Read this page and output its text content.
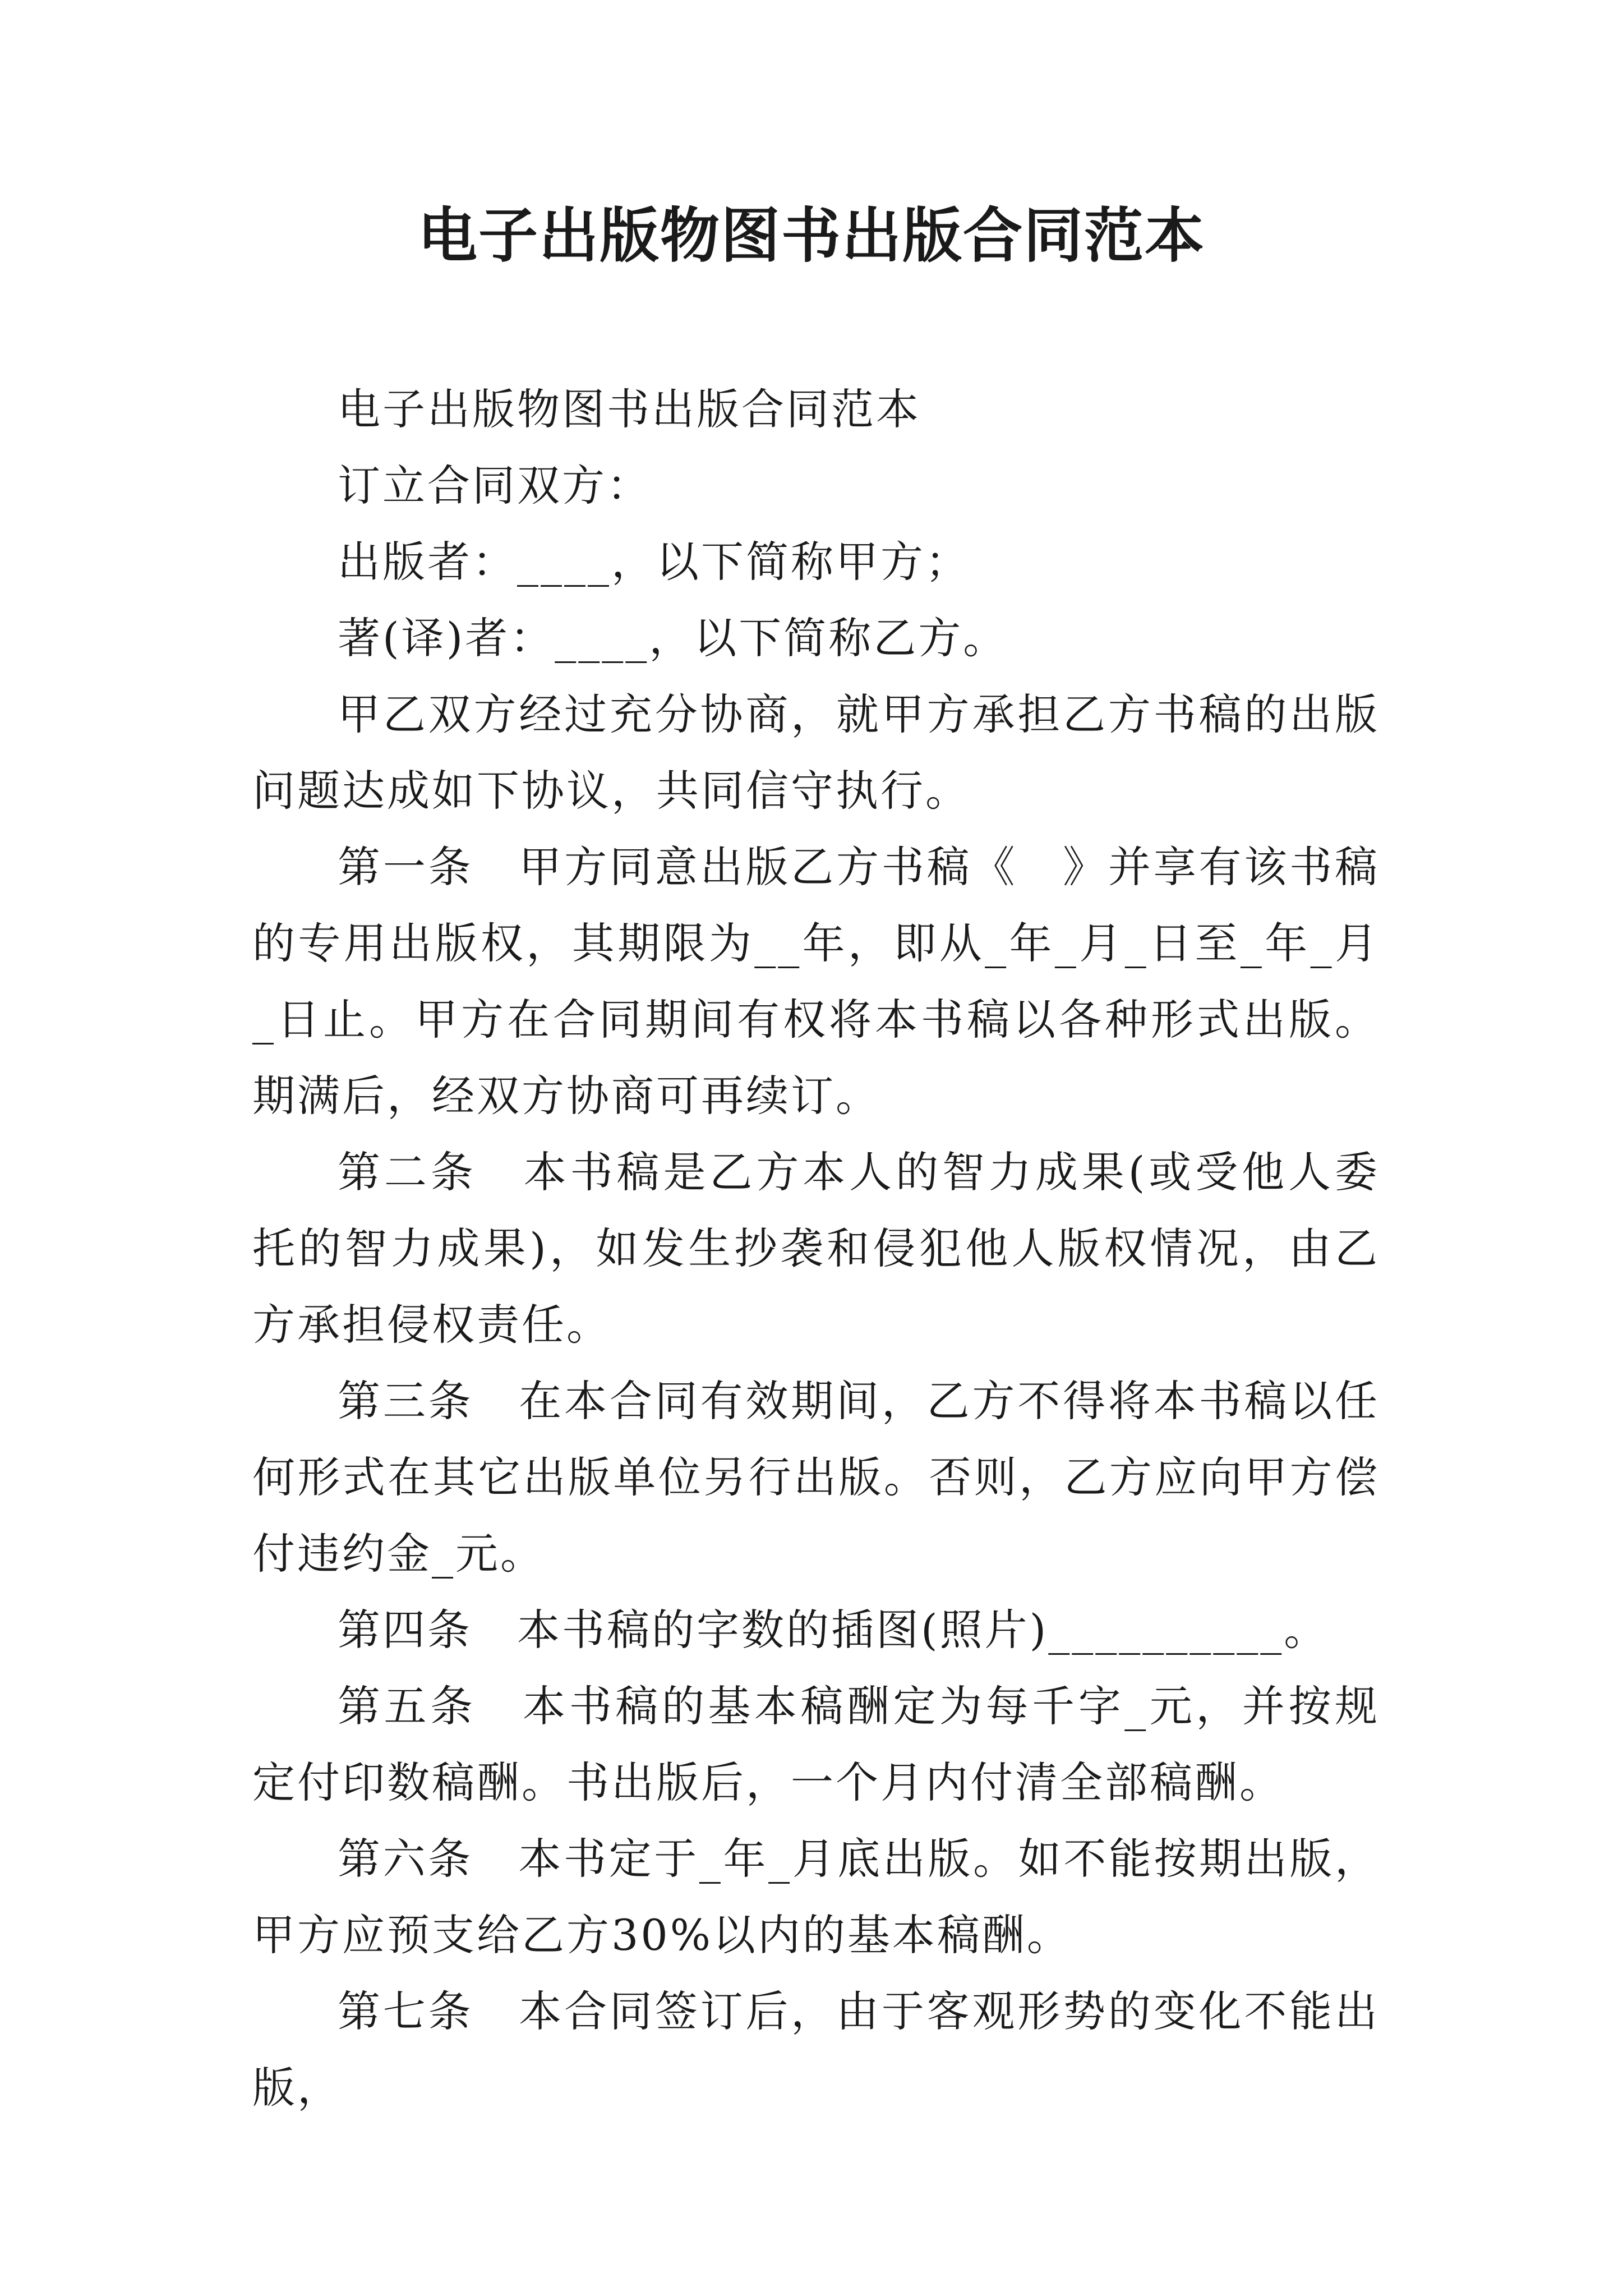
电子出版物图书出版合同范本

电子出版物图书出版合同范本

订立合同双方：

出版者：____，以下简称甲方；

著(译)者：____，以下简称乙方。

甲乙双方经过充分协商，就甲方承担乙方书稿的出版问题达成如下协议，共同信守执行。

第一条　甲方同意出版乙方书稿《　》并享有该书稿的专用出版权，其期限为__年，即从_年_月_日至_年_月_日止。甲方在合同期间有权将本书稿以各种形式出版。期满后，经双方协商可再续订。

第二条　本书稿是乙方本人的智力成果(或受他人委托的智力成果)，如发生抄袭和侵犯他人版权情况，由乙方承担侵权责任。

第三条　在本合同有效期间，乙方不得将本书稿以任何形式在其它出版单位另行出版。否则，乙方应向甲方偿付违约金_元。

第四条　本书稿的字数的插图(照片)__________。

第五条　本书稿的基本稿酬定为每千字_元，并按规定付印数稿酬。书出版后，一个月内付清全部稿酬。

第六条　本书定于_年_月底出版。如不能按期出版，甲方应预支给乙方30%以内的基本稿酬。

第七条　本合同签订后，由于客观形势的变化不能出版，
